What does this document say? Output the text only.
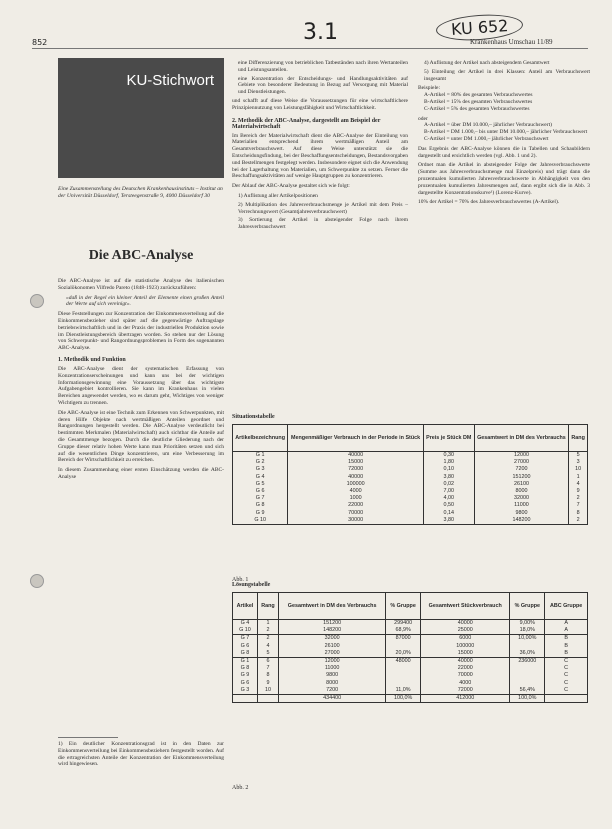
852	3.1	KU 652
Krankenhaus Umschau 11/89
KU-Stichwort
Eine Zusammenstellung des Deutschen Krankenhausinstituts – Institut an der Universität Düsseldorf, Tersteegenstraße 9, 4000 Düsseldorf 30
Die ABC-Analyse
Die ABC-Analyse ist auf die statistische Analyse des italienischen Sozialökonomen Vilfredo Pareto (1848-1923) zurückzuführen:
»daß in der Regel ein kleiner Anteil der Elemente einen großen Anteil der Werte auf sich vereinigt«.
Diese Feststellungen zur Konzentration der Einkommensverteilung auf die Einkommensbezieher sind später auf die gegenwärtige Auftragslage betriebswirtschaftlich und in der Praxis der industriellen Produktion sowie im Dienstleistungsbereich übertragen worden. So stehen nur der Lösung von Schwerpunkt- und Rangordnungsproblemen in Form des sogenannten ABC-Analyse.
1. Methodik und Funktion
Die ABC-Analyse dient der systematischen Erfassung von Konzentrationserscheinungen und kann uns bei der wichtigen Informationsgewinnung eine Voraussetzung über das wichtigste Aufgabengebiet kontrollieren. Sie kann im Krankenhaus in vielen Bereichen angewendet werden, wo es darum geht, Wichtiges von weniger Wichtigem zu trennen.
Die ABC-Analyse ist eine Technik zum Erkennen von Schwerpunkten, mit deren Hilfe Objekte nach wertmäßigen Anteilen geordnet und Rangordnungen hergestellt werden. Die ABC-Analyse verdeutlicht bei bestimmten Merkmalen (Materialwirtschaft) auch sichtbar die Anteile auf die Gesamtmenge bezogen. Durch die deutliche Gliederung nach der Gruppe dieser relativ hohen Werte kann man Prioritäten setzen und sich auf die wesentlichen Dinge konzentrieren, um eine Verbesserung im Bereich der Wirtschaftlichkeit zu erreichen.
In diesem Zusammenhang einer ersten Einschätzung werden die ABC-Analyse
1) Ein deutlicher Konzentrationsgrad ist in den Daten zur Einkommensverteilung bei Einkommensbeziehern festgestellt worden. Auf die ertragreichsten Anteile der Konzentration der Einkommensverteilung wird hingewiesen.
eine Differenzierung von betrieblichen Tatbeständen nach ihren Wertanteilen und Leistungsanteilen.
eine Konzentration der Entscheidungs- und Handlungsaktivitäten auf Gebiete von besonderer Bedeutung in Bezug auf Versorgung mit Material und Dienstleistungen.
und schafft auf diese Weise die Voraussetzungen für eine wirtschaftlichere Prinzipiennutzung von Leistungsfähigkeit und Wirtschaftlichkeit.
2. Methodik der ABC-Analyse, dargestellt am Beispiel der Materialwirtschaft
Im Bereich der Materialwirtschaft dient die ABC-Analyse der Einteilung von Materialien entsprechend ihrem wertmäßigen Anteil am Gesamtverbrauchswert. Auf diese Weise unterstützt sie die Entscheidungsfindung, bei der Beschaffungsentscheidungen, Bestandsvorgaben und Bestellmengen festgelegt werden. Insbesondere eignet sich die Anwendung bei der Lagerhaltung von Materialien, um Schwerpunkte zu setzen. Ferner die Beschaffungsaktivitäten auf wenige Hauptgruppen zu konzentrieren.
Der Ablauf der ABC-Analyse gestaltet sich wie folgt:
1) Auflistung aller Artikelpositionen
2) Multiplikation des Jahresverbrauchsmenge je Artikel mit dem Preis – Verrechnungswert (Gesamtjahresverbrauchswert)
3) Sortierung der Artikel in absteigender Folge nach ihrem Jahresverbrauchswert
4) Auflistung der Artikel nach absteigendem Gesamtwert
5) Einteilung der Artikel in drei Klassen: Anteil am Verbrauchswert insgesamt
Beispiele:
A-Artikel = 80% des gesamten Verbrauchswertes
B-Artikel = 15% des gesamten Verbrauchswertes
C-Artikel = 5% des gesamten Verbrauchswertes
oder
A-Artikel = über DM 10.000,– jährlicher Verbrauchswert)
B-Artikel = DM 1.000,– bis unter DM 10.000,– jährlicher Verbrauchswert
C-Artikel = unter DM 1.000,– jährlicher Verbrauchswert
Das Ergebnis der ABC-Analyse können die in Tabellen und Schaubildern dargestellt und ersichtlich werden (vgl. Abb. 1 und 2).
Ordnet man die Artikel in absteigender Folge der Jahresverbrauchswerte (Summe aus Jahresverbrauchsmenge mal Einzelpreis) und trägt dann die prozentualen kumulierten Jahresverbrauchswerte in Abhängigkeit von den prozentualen kumulierten Jahresmengen auf, dann ergibt sich die in Abb. 3 dargestellte Konzentrationskurve¹) (Lorenz-Kurve).
10% der Artikel = 70% des Jahresverbrauchswertes (A-Artikel).
Situationstabelle
Artikelbezeichnung	Mengenmäßiger Verbrauch in der Periode in Stück	Preis je Stück DM	Gesamtwert in DM des Verbrauchs	Rang
G 1	40000	0,30	12000	5
G 2	15000	1,80	27000	3
G 3	72000	0,10	7200	10
G 4	40000	3,80	151200	1
G 5	100000	0,02	26100	4
G 6	4000	7,00	8000	9
G 7	1000	4,00	32000	2
G 8	22000	0,50	11000	7
G 9	70000	0,14	9800	8
G 10	30000	3,80	148200	2
Abb. 1
Lösungstabelle
Artikel	Rang	Gesamtwert in DM des Verbrauchs	% Gruppe	Gesamtwert Stückverbrauch	% Gruppe	ABC Gruppe
G 4	1	151200	299400	40000	9,00%	A
G 10	2	148200	68,9%	25000	18,0%	A
G 7	2	32000	87000	6000	10,00%	B
G 6	4	26100		100000		B
G 8	5	27000	20,0%	15000	36,0%	B
G 1	6	12000	48000	40000	236000	C
G 8	7	11000		22000		C
G 9	8	9800		70000		C
G 6	9	8000		4000		C
G 3	10	7200	11,0%	72000	56,4%	C
		434400	100,0%	412000	100,0%	
Abb. 2
